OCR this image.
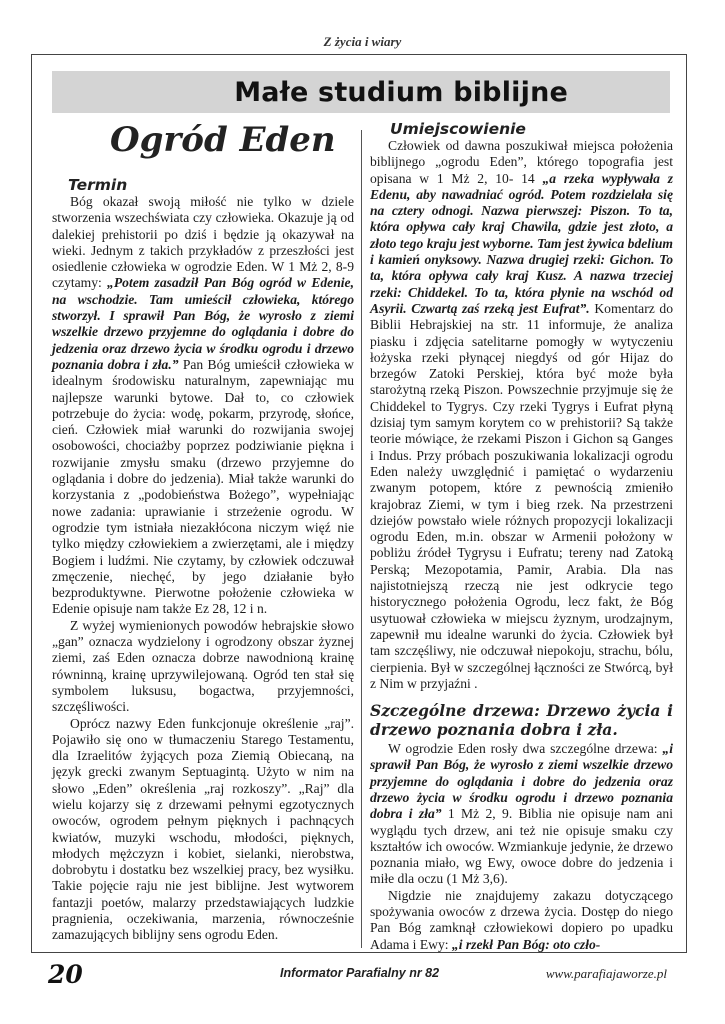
Z życia i wiary
Małe studium biblijne
Ogród Eden
Termin

Bóg okazał swoją miłość nie tylko w dziele stworzenia wszechświata czy człowieka. Okazuje ją od dalekiej prehistorii po dziś i będzie ją okazywał na wieki. Jednym z takich przykładów z przeszłości jest osiedlenie człowieka w ogrodzie Eden. W 1 Mż 2, 8-9 czytamy: „Potem zasadził Pan Bóg ogród w Edenie, na wschodzie. Tam umieścił człowieka, którego stworzył. I sprawił Pan Bóg, że wyrosło z ziemi wszelkie drzewo przyjemne do oglądania i dobre do jedzenia oraz drzewo życia w środku ogrodu i drzewo poznania dobra i zła.” Pan Bóg umieścił człowieka w idealnym środowisku naturalnym, zapewniając mu najlepsze warunki bytowe. Dał to, co człowiek potrzebuje do życia: wodę, pokarm, przyrodę, słońce, cień. Człowiek miał warunki do rozwijania swojej osobowości, chociażby poprzez podziwianie piękna i rozwijanie zmysłu smaku (drzewo przyjemne do oglądania i dobre do jedzenia). Miał także warunki do korzystania z „podobieństwa Bożego”, wypełniając nowe zadania: uprawianie i strzeżenie ogrodu. W ogrodzie tym istniała niezakłócona niczym więź nie tylko między człowiekiem a zwierzętami, ale i między Bogiem i ludźmi. Nie czytamy, by człowiek odczuwał zmęczenie, niechęć, by jego działanie było bezproduktywne. Pierwotne położenie człowieka w Edenie opisuje nam także Ez 28, 12 i n.

Z wyżej wymienionych powodów hebrajskie słowo „gan” oznacza wydzielony i ogrodzony obszar żyznej ziemi, zaś Eden oznacza dobrze nawodnioną krainę równinną, krainę uprzywilejowaną. Ogród ten stał się symbolem luksusu, bogactwa, przyjemności, szczęśliwości.

Oprócz nazwy Eden funkcjonuje określenie „raj”. Pojawiło się ono w tłumaczeniu Starego Testamentu, dla Izraelitów żyjących poza Ziemią Obiecaną, na język grecki zwanym Septuagintą. Użyto w nim na słowo „Eden” określenia „raj rozkoszy”. „Raj” dla wielu kojarzy się z drzewami pełnymi egzotycznych owoców, ogrodem pełnym pięknych i pachnących kwiatów, muzyki wschodu, młodości, pięknych, młodych mężczyzn i kobiet, sielanki, nierobstwa, dobrobytu i dostatku bez wszelkiej pracy, bez wysiłku. Takie pojęcie raju nie jest biblijne. Jest wytworem fantazji poetów, malarzy przedstawiających ludzkie pragnienia, oczekiwania, marzenia, równocześnie zamazujących biblijny sens ogrodu Eden.

Umiejscowienie

Człowiek od dawna poszukiwał miejsca położenia biblijnego „ogrodu Eden”, którego topografia jest opisana w 1 Mż 2, 10- 14 „a rzeka wypływała z Edenu, aby nawadniać ogród. Potem rozdzielała się na cztery odnogi. Nazwa pierwszej: Piszon. To ta, która opływa cały kraj Chawila, gdzie jest złoto, a złoto tego kraju jest wyborne. Tam jest żywica bdelium i kamień onyksowy. Nazwa drugiej rzeki: Gichon. To ta, która opływa cały kraj Kusz. A nazwa trzeciej rzeki: Chiddekel. To ta, która płynie na wschód od Asyrii. Czwartą zaś rzeką jest Eufrat”. Komentarz do Biblii Hebrajskiej na str. 11 informuje, że analiza piasku i zdjęcia satelitarne pomogły w wytyczeniu łożyska rzeki płynącej niegdyś od gór Hijaz do brzegów Zatoki Perskiej, która być może była starożytną rzeką Piszon. Powszechnie przyjmuje się że Chiddekel to Tygrys. Czy rzeki Tygrys i Eufrat płyną dzisiaj tym samym korytem co w prehistorii? Są także teorie mówiące, że rzekami Piszon i Gichon są Ganges i Indus. Przy próbach poszukiwania lokalizacji ogrodu Eden należy uwzględnić i pamiętać o wydarzeniu zwanym potopem, które z pewnością zmieniło krajobraz Ziemi, w tym i bieg rzek. Na przestrzeni dziejów powstało wiele różnych propozycji lokalizacji ogrodu Eden, m.in. obszar w Armenii położony w pobliżu źródeł Tygrysu i Eufratu; tereny nad Zatoką Perską; Mezopotamia, Pamir, Arabia. Dla nas najistotniejszą rzeczą nie jest odkrycie tego historycznego położenia Ogrodu, lecz fakt, że Bóg usytuował człowieka w miejscu żyznym, urodzajnym, zapewnił mu idealne warunki do życia. Człowiek był tam szczęśliwy, nie odczuwał niepokoju, strachu, bólu, cierpienia. Był w szczególnej łączności ze Stwórcą, był z Nim w przyjaźni .

Szczególne drzewa: Drzewo życia i drzewo poznania dobra i zła.

W ogrodzie Eden rosły dwa szczególne drzewa: „i sprawił Pan Bóg, że wyrosło z ziemi wszelkie drzewo przyjemne do oglądania i dobre do jedzenia oraz drzewo życia w środku ogrodu i drzewo poznania dobra i zła” 1 Mż 2, 9. Biblia nie opisuje nam ani wyglądu tych drzew, ani też nie opisuje smaku czy kształtów ich owoców. Wzmiankuje jedynie, że drzewo poznania miało, wg Ewy, owoce dobre do jedzenia i miłe dla oczu (1 Mż 3,6).

Nigdzie nie znajdujemy zakazu dotyczącego spożywania owoców z drzewa życia. Dostęp do niego Pan Bóg zamknął człowiekowi dopiero po upadku Adama i Ewy: „i rzekł Pan Bóg: oto czło-

20	Informator Parafialny nr 82	www.parafiajaworze.pl
